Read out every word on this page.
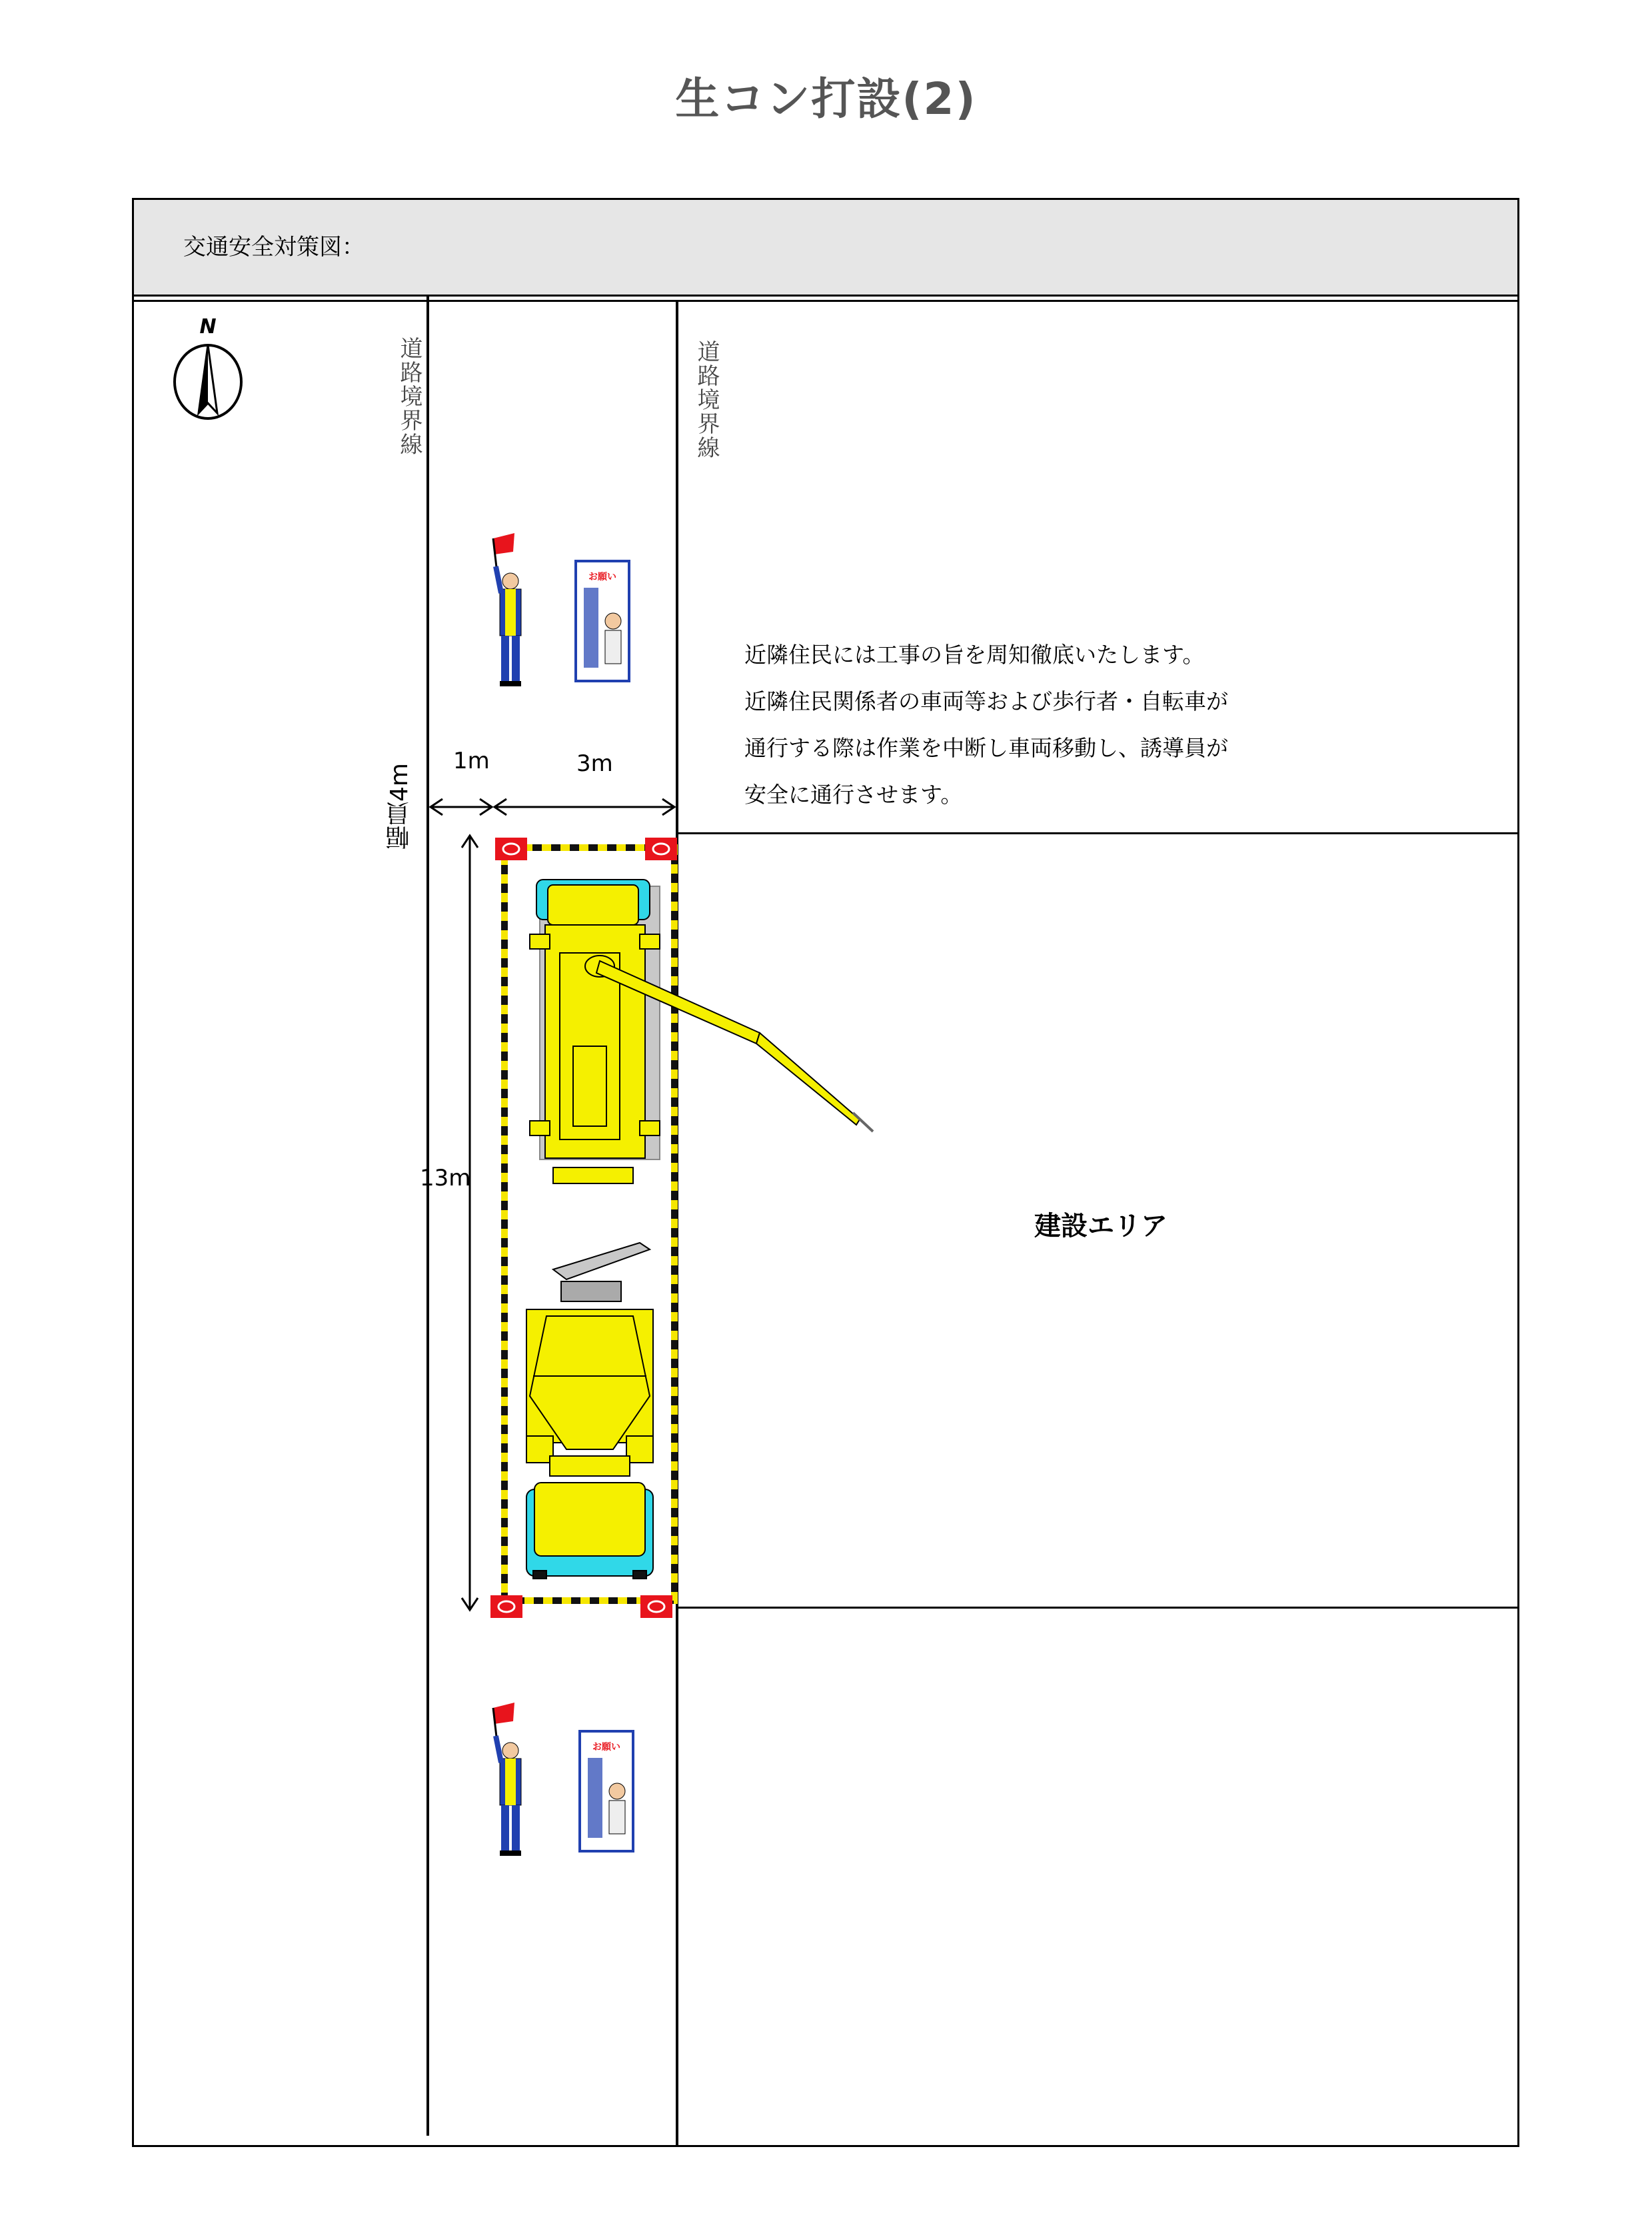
生コン打設(2)
交通安全対策図：
N
道路境界線	道路境界線
幅員4m
1m	3m
13m
お願い
お願い
近隣住民には工事の旨を周知徹底いたします。
近隣住民関係者の車両等および歩行者・自転車が
通行する際は作業を中断し車両移動し、誘導員が
安全に通行させます。
建設エリア
